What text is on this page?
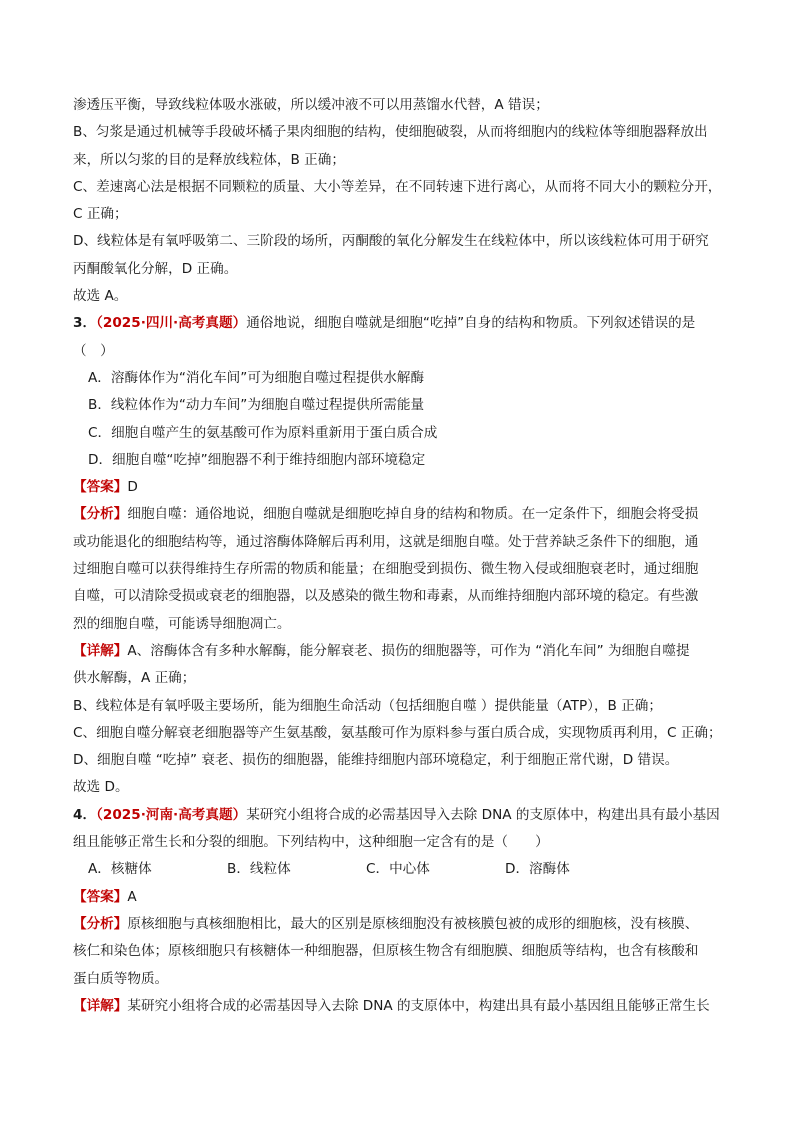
渗透压平衡，导致线粒体吸水涨破，所以缓冲液不可以用蒸馏水代替，A 错误；
B、匀浆是通过机械等手段破坏橘子果肉细胞的结构，使细胞破裂，从而将细胞内的线粒体等细胞器释放出
来，所以匀浆的目的是释放线粒体，B 正确；
C、差速离心法是根据不同颗粒的质量、大小等差异，在不同转速下进行离心，从而将不同大小的颗粒分开，
C 正确；
D、线粒体是有氧呼吸第二、三阶段的场所，丙酮酸的氧化分解发生在线粒体中，所以该线粒体可用于研究
丙酮酸氧化分解，D 正确。
故选 A。
3．（2025·四川·高考真题）通俗地说，细胞自噬就是细胞“吃掉”自身的结构和物质。下列叙述错误的是
（　）
A．溶酶体作为“消化车间”可为细胞自噬过程提供水解酶
B．线粒体作为“动力车间”为细胞自噬过程提供所需能量
C．细胞自噬产生的氨基酸可作为原料重新用于蛋白质合成
D．细胞自噬“吃掉”细胞器不利于维持细胞内部环境稳定
【答案】D
【分析】细胞自噬：通俗地说，细胞自噬就是细胞吃掉自身的结构和物质。在一定条件下，细胞会将受损
或功能退化的细胞结构等，通过溶酶体降解后再利用，这就是细胞自噬。处于营养缺乏条件下的细胞，通
过细胞自噬可以获得维持生存所需的物质和能量；在细胞受到损伤、微生物入侵或细胞衰老时，通过细胞
自噬，可以清除受损或衰老的细胞器，以及感染的微生物和毒素，从而维持细胞内部环境的稳定。有些激
烈的细胞自噬，可能诱导细胞凋亡。
【详解】A、溶酶体含有多种水解酶，能分解衰老、损伤的细胞器等，可作为 “消化车间” 为细胞自噬提
供水解酶，A 正确；
B、线粒体是有氧呼吸主要场所，能为细胞生命活动（包括细胞自噬 ）提供能量（ATP），B 正确；
C、细胞自噬分解衰老细胞器等产生氨基酸，氨基酸可作为原料参与蛋白质合成，实现物质再利用，C 正确；
D、细胞自噬 “吃掉” 衰老、损伤的细胞器，能维持细胞内部环境稳定，利于细胞正常代谢，D 错误。
故选 D。
4．（2025·河南·高考真题）某研究小组将合成的必需基因导入去除 DNA 的支原体中，构建出具有最小基因
组且能够正常生长和分裂的细胞。下列结构中，这种细胞一定含有的是（　　）
A．核糖体	B．线粒体	C．中心体	D．溶酶体
【答案】A
【分析】原核细胞与真核细胞相比，最大的区别是原核细胞没有被核膜包被的成形的细胞核，没有核膜、
核仁和染色体；原核细胞只有核糖体一种细胞器，但原核生物含有细胞膜、细胞质等结构，也含有核酸和
蛋白质等物质。
【详解】某研究小组将合成的必需基因导入去除 DNA 的支原体中，构建出具有最小基因组且能够正常生长
